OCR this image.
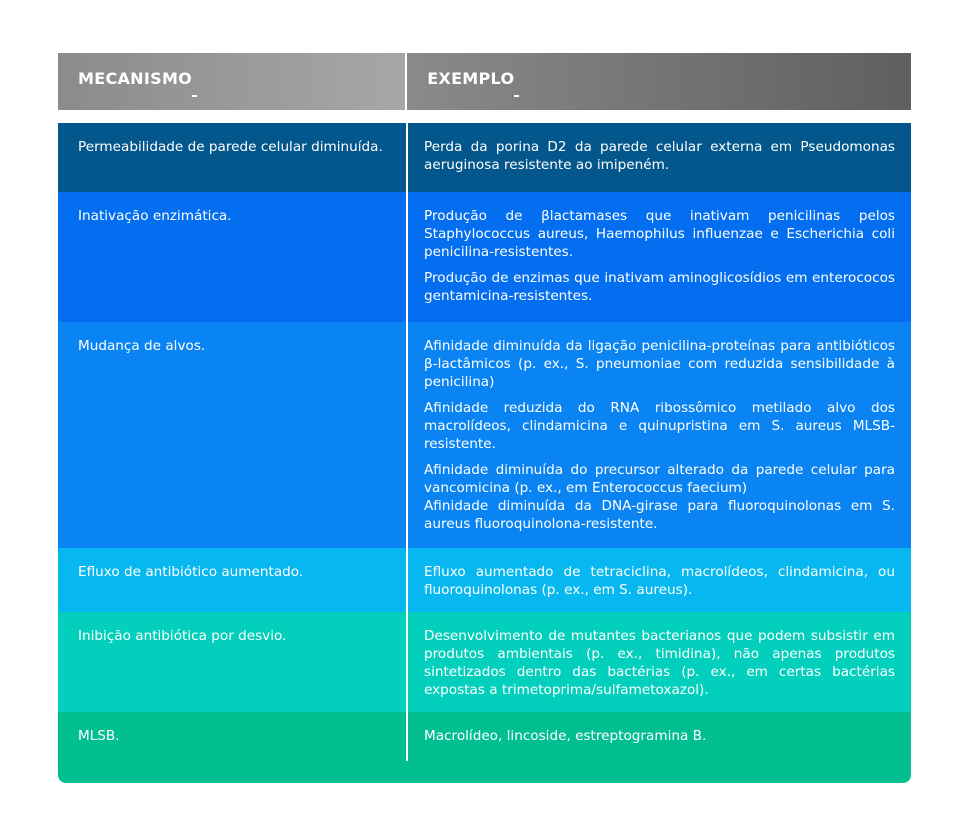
MECANISMO	EXEMPLO
Permeabilidade de parede celular diminuída.	Perda da porina D2 da parede celular externa em Pseudomonas aeruginosa resistente ao imipeném.

Inativação enzimática.	Produção de βlactamases que inativam penicilinas pelos Staphylococcus aureus, Haemophilus influenzae e Escherichia coli penicilina-resistentes.

Produção de enzimas que inativam aminoglicosídios em enterococos gentamicina-resistentes.

Mudança de alvos.	Afinidade diminuída da ligação penicilina-proteínas para antibióticos β-lactâmicos (p. ex., S. pneumoniae com reduzida sensibilidade à penicilina)

Afinidade reduzida do RNA ribossômico metilado alvo dos macrolídeos, clindamicina e quinupristina em S. aureus MLSB-resistente.

Afinidade diminuída do precursor alterado da parede celular para vancomicina (p. ex., em Enterococcus faecium)

Afinidade diminuída da DNA-girase para fluoroquinolonas em S. aureus fluoroquinolona-resistente.

Efluxo de antibiótico aumentado.	Efluxo aumentado de tetraciclina, macrolídeos, clindamicina, ou fluoroquinolonas (p. ex., em S. aureus).

Inibição antibiótica por desvio.	Desenvolvimento de mutantes bacterianos que podem subsistir em produtos ambientais (p. ex., timidina), não apenas produtos sintetizados dentro das bactérias (p. ex., em certas bactérias expostas a trimetoprima/sulfametoxazol).

MLSB.	Macrolídeo, lincoside, estreptogramina B.
